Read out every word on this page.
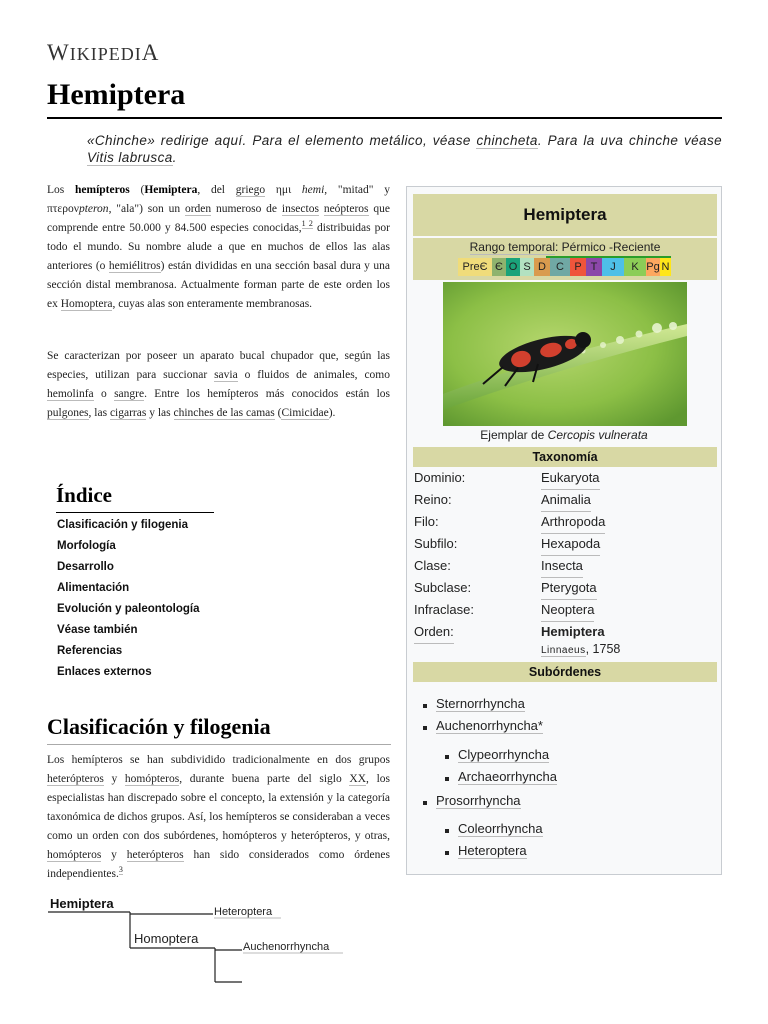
WIKIPEDIA
Hemiptera
«Chinche» redirige aquí. Para el elemento metálico, véase chincheta. Para la uva chinche véase Vitis labrusca.

Los hemípteros (Hemiptera, del griego ημι hemi, "mitad" y πτερονpteron, "ala") son un orden numeroso de insectos neópteros que comprende entre 50.000 y 84.500 especies conocidas,$^{1 2}$ distribuidas por todo el mundo. Su nombre alude a que en muchos de ellos las alas anteriores (o hemiélitros) están divididas en una sección basal dura y una sección distal membranosa. Actualmente forman parte de este orden los ex Homoptera, cuyas alas son enteramente membranosas.

Se caracterizan por poseer un aparato bucal chupador que, según las especies, utilizan para succionar savia o fluidos de animales, como hemolinfa o sangre. Entre los hemípteros más conocidos están los pulgones, las cigarras y las chinches de las camas (Cimicidae).

Índice
Clasificación y filogenia
Morfología
Desarrollo
Alimentación
Evolución y paleontología
Véase también
Referencias
Enlaces externos
Clasificación y filogenia

Los hemípteros se han subdividido tradicionalmente en dos grupos heterópteros y homópteros, durante buena parte del siglo XX, los especialistas han discrepado sobre el concepto, la extensión y la categoría taxonómica de dichos grupos. Así, los hemípteros se consideraban a veces como un orden con dos subórdenes, homópteros y heterópteros, y otras, homópteros y heterópteros han sido considerados como órdenes independientes.$^3$

Hemiptera
Heteroptera
Homoptera
Auchenorrhyncha
Hemiptera
Rango temporal: Pérmico -Reciente
PreЄ Є O S D C P T	J	K Pg N
Ejemplar de Cercopis vulnerata
Taxonomía
Dominio:	Eukaryota
Reino:	Animalia
Filo:	Arthropoda
Subfilo:	Hexapoda
Clase:	Insecta
Subclase:	Pterygota
Infraclase:	Neoptera
Orden:	Hemiptera
Linnaeus, 1758
Subórdenes
Sternorrhyncha
Auchenorrhyncha*
Clypeorrhyncha
Archaeorrhyncha
Prosorrhyncha
Coleorrhyncha
Heteroptera
